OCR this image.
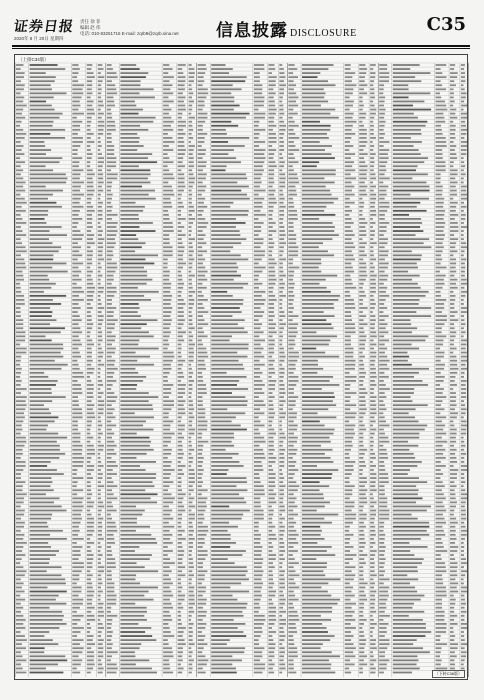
证券日报
2020年 8 月 20日 星期四
责任 徐 菲
编辑 赵 伟
电话: 010-83251716 E-mail: zqrb9@zqrb.sina.net 信息披露 DISCLOSURE	C35
（上接C34版）
（下转C36版）
